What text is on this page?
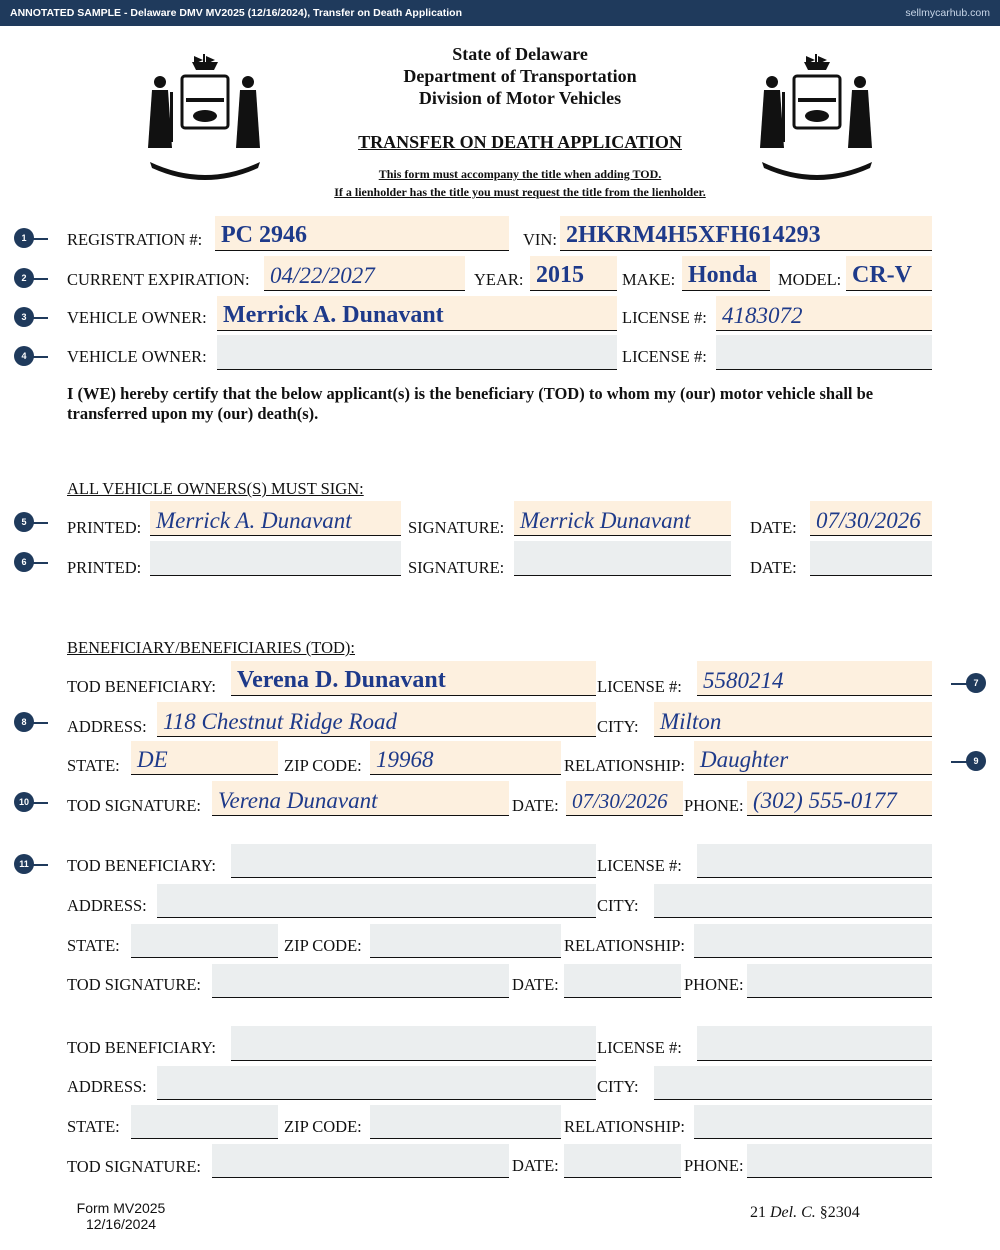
ANNOTATED SAMPLE - Delaware DMV MV2025 (12/16/2024), Transfer on Death Application	sellmycarhub.com
State of Delaware
Department of Transportation
Division of Motor Vehicles
TRANSFER ON DEATH APPLICATION
This form must accompany the title when adding TOD.
If a lienholder has the title you must request the title from the lienholder.
1
2
3
4
5
6
7
8
9
10
11
REGISTRATION #: PC 2946	VIN: 2HKRM4H5XFH614293
CURRENT EXPIRATION: 04/22/2027	YEAR: 2015 MAKE: Honda MODEL: CR-V
VEHICLE OWNER: Merrick A. Dunavant	LICENSE #: 4183072
VEHICLE OWNER:	LICENSE #:
I (WE) hereby certify that the below applicant(s) is the beneficiary (TOD) to whom my (our) motor vehicle shall be transferred upon my (our) death(s).
ALL VEHICLE OWNERS(S) MUST SIGN:
PRINTED: Merrick A. Dunavant	SIGNATURE: Merrick Dunavant	DATE: 07/30/2026
PRINTED:	SIGNATURE:	DATE:
BENEFICIARY/BENEFICIARIES (TOD):
TOD BENEFICIARY: Verena D. Dunavant	LICENSE #: 5580214
ADDRESS: 118 Chestnut Ridge Road	CITY: Milton
STATE: DE	ZIP CODE: 19968	RELATIONSHIP: Daughter
TOD SIGNATURE: Verena Dunavant	DATE: 07/30/2026 PHONE: (302) 555-0177
TOD BENEFICIARY:	LICENSE #:
ADDRESS:	CITY:
STATE:	ZIP CODE:	RELATIONSHIP:
TOD SIGNATURE:	DATE:	PHONE:
TOD BENEFICIARY:	LICENSE #:
ADDRESS:	CITY:
STATE:	ZIP CODE:	RELATIONSHIP:
TOD SIGNATURE:	DATE:	PHONE:
Form MV2025
12/16/2024
21 Del. C. §2304
